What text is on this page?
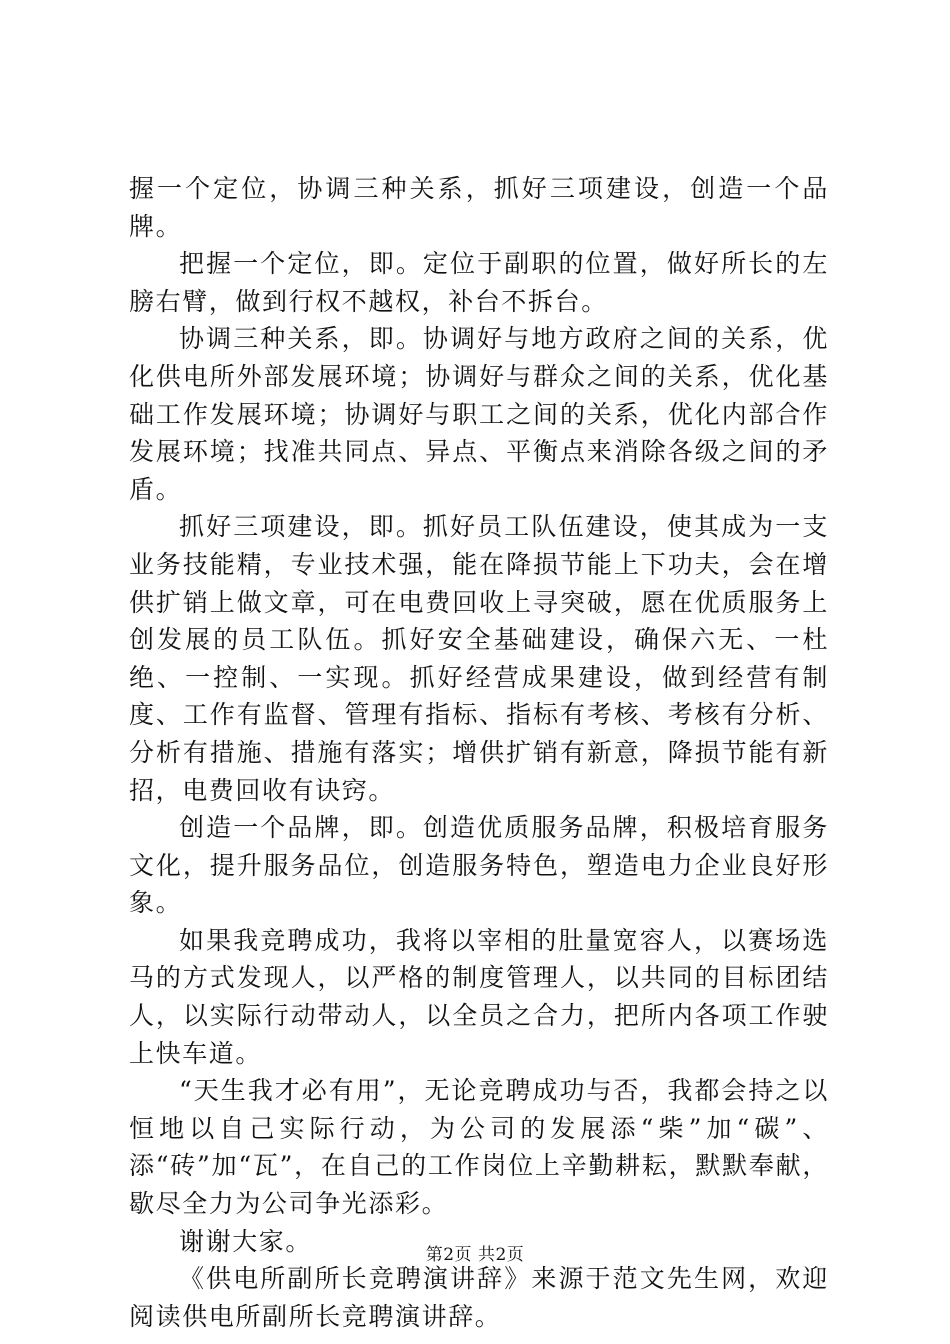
握一个定位，协调三种关系，抓好三项建设，创造一个品牌。

把握一个定位，即。定位于副职的位置，做好所长的左膀右臂，做到行权不越权，补台不拆台。

协调三种关系，即。协调好与地方政府之间的关系，优化供电所外部发展环境；协调好与群众之间的关系，优化基础工作发展环境；协调好与职工之间的关系，优化内部合作发展环境；找准共同点、异点、平衡点来消除各级之间的矛盾。

抓好三项建设，即。抓好员工队伍建设，使其成为一支业务技能精，专业技术强，能在降损节能上下功夫，会在增供扩销上做文章，可在电费回收上寻突破，愿在优质服务上创发展的员工队伍。抓好安全基础建设，确保六无、一杜绝、一控制、一实现。抓好经营成果建设，做到经营有制度、工作有监督、管理有指标、指标有考核、考核有分析、分析有措施、措施有落实；增供扩销有新意，降损节能有新招，电费回收有诀窍。

创造一个品牌，即。创造优质服务品牌，积极培育服务文化，提升服务品位，创造服务特色，塑造电力企业良好形象。

如果我竞聘成功，我将以宰相的肚量宽容人，以赛场选马的方式发现人，以严格的制度管理人，以共同的目标团结人，以实际行动带动人，以全员之合力，把所内各项工作驶上快车道。

“天生我才必有用”，无论竞聘成功与否，我都会持之以恒地以自己实际行动，为公司的发展添“柴”加“碳”、添“砖”加“瓦”，在自己的工作岗位上辛勤耕耘，默默奉献，歇尽全力为公司争光添彩。

谢谢大家。

《供电所副所长竞聘演讲辞》来源于范文先生网，欢迎阅读供电所副所长竞聘演讲辞。

第2页 共2页
